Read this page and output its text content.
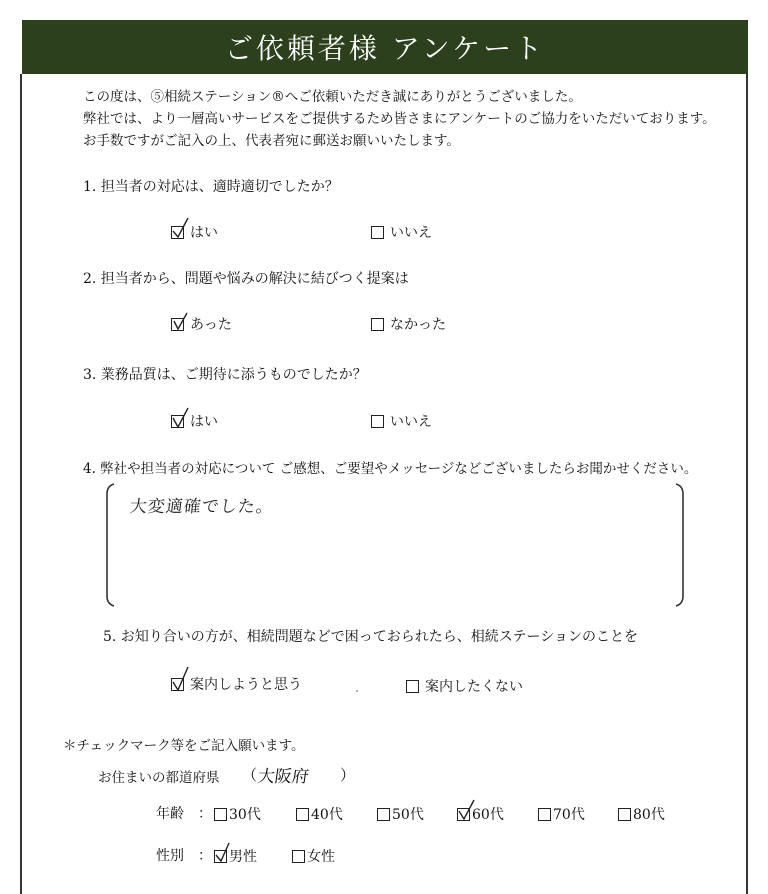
ご依頼者様 アンケート
この度は、⑤相続ステーション®へご依頼いただき誠にありがとうございました。
弊社では、より一層高いサービスをご提供するため皆さまにアンケートのご協力をいただいております。
お手数ですがご記入の上、代表者宛に郵送お願いいたします。
1. 担当者の対応は、適時適切でしたか？
はい	いいえ
2. 担当者から、問題や悩みの解決に結びつく提案は
あった	なかった
3. 業務品質は、ご期待に添うものでしたか？
はい	いいえ
4. 弊社や担当者の対応について ご感想、ご要望やメッセージなどございましたらお聞かせください。
大変適確でした。
5. お知り合いの方が、相続問題などで困っておられたら、相続ステーションのことを
案内しようと思う	案内したくない
＊チェックマーク等をご記入願います。
お住まいの都道府県 （ 大阪府 ）
年齢 ： 30代	40代	50代	60代	70代	80代
性別 ： 男性	女性
